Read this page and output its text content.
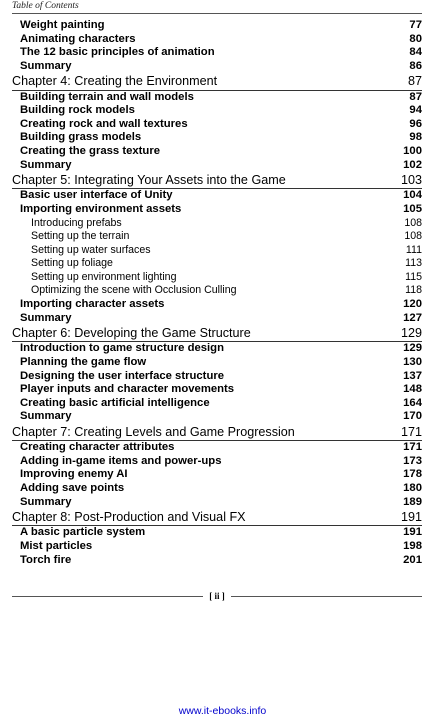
Table of Contents
Weight painting	77
Animating characters	80
The 12 basic principles of animation	84
Summary	86
Chapter 4: Creating the Environment	87
Building terrain and wall models	87
Building rock models	94
Creating rock and wall textures	96
Building grass models	98
Creating the grass texture	100
Summary	102
Chapter 5: Integrating Your Assets into the Game	103
Basic user interface of Unity	104
Importing environment assets	105
Introducing prefabs	108
Setting up the terrain	108
Setting up water surfaces	111
Setting up foliage	113
Setting up environment lighting	115
Optimizing the scene with Occlusion Culling	118
Importing character assets	120
Summary	127
Chapter 6: Developing the Game Structure	129
Introduction to game structure design	129
Planning the game flow	130
Designing the user interface structure	137
Player inputs and character movements	148
Creating basic artificial intelligence	164
Summary	170
Chapter 7: Creating Levels and Game Progression	171
Creating character attributes	171
Adding in-game items and power-ups	173
Improving enemy AI	178
Adding save points	180
Summary	189
Chapter 8: Post-Production and Visual FX	191
A basic particle system	191
Mist particles	198
Torch fire	201
[ ii ]
www.it-ebooks.info
